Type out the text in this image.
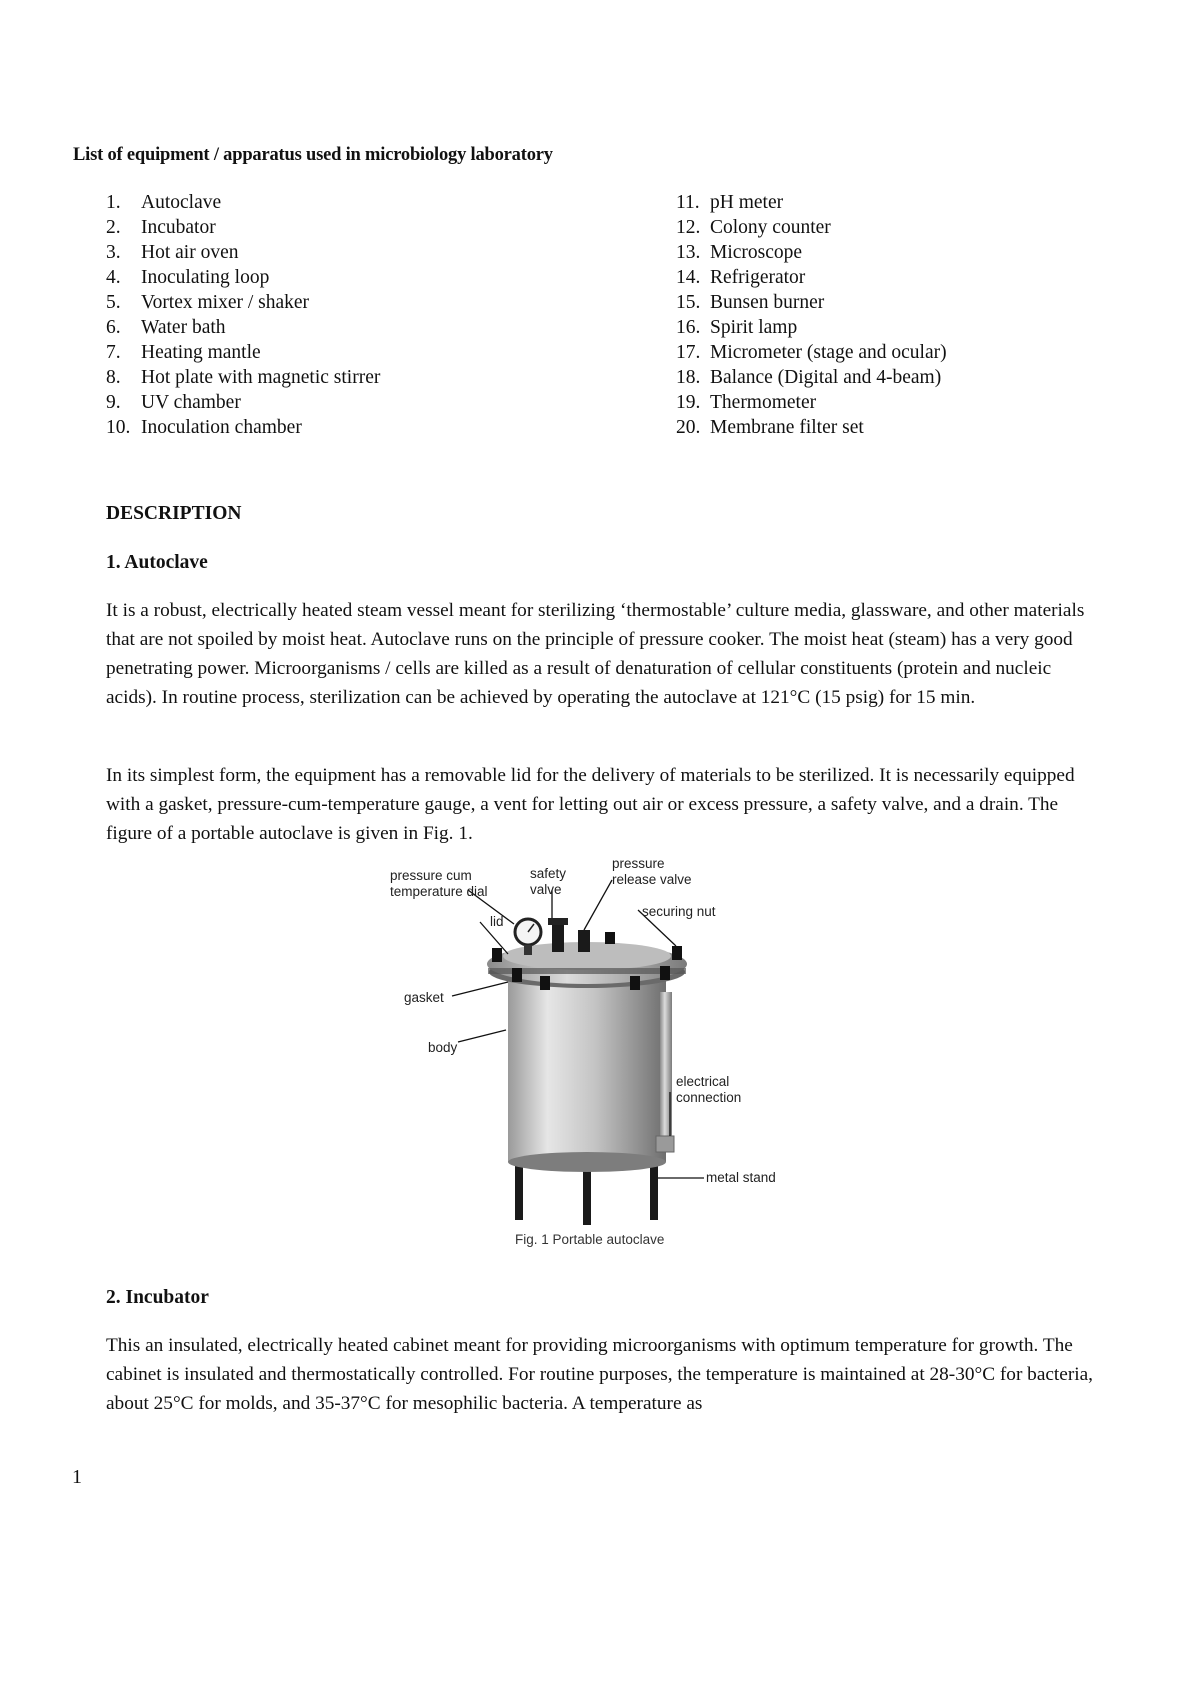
List of equipment / apparatus used in microbiology laboratory
1. Autoclave
2. Incubator
3. Hot air oven
4. Inoculating loop
5. Vortex mixer / shaker
6. Water bath
7. Heating mantle
8. Hot plate with magnetic stirrer
9. UV chamber
10. Inoculation chamber
11. pH meter
12. Colony counter
13. Microscope
14. Refrigerator
15. Bunsen burner
16. Spirit lamp
17. Micrometer (stage and ocular)
18. Balance (Digital and 4-beam)
19. Thermometer
20. Membrane filter set
DESCRIPTION
1. Autoclave

It is a robust, electrically heated steam vessel meant for sterilizing ‘thermostable’ culture media, glassware, and other materials that are not spoiled by moist heat. Autoclave runs on the principle of pressure cooker. The moist heat (steam) has a very good penetrating power. Microorganisms / cells are killed as a result of denaturation of cellular constituents (protein and nucleic acids). In routine process, sterilization can be achieved by operating the autoclave at 121°C (15 psig) for 15 min.

In its simplest form, the equipment has a removable lid for the delivery of materials to be sterilized. It is necessarily equipped with a gasket, pressure-cum-temperature gauge, a vent for letting out air or excess pressure, a safety valve, and a drain. The figure of a portable autoclave is given in Fig. 1.

pressure cum
temperature dial
safety
valve
pressure
release valve
securing nut
lid
gasket
body
electrical
connection
metal stand
Fig. 1 Portable autoclave
2. Incubator

This an insulated, electrically heated cabinet meant for providing microorganisms with optimum temperature for growth. The cabinet is insulated and thermostatically controlled. For routine purposes, the temperature is maintained at 28-30°C for bacteria, about 25°C for molds, and 35-37°C for mesophilic bacteria. A temperature as

1
